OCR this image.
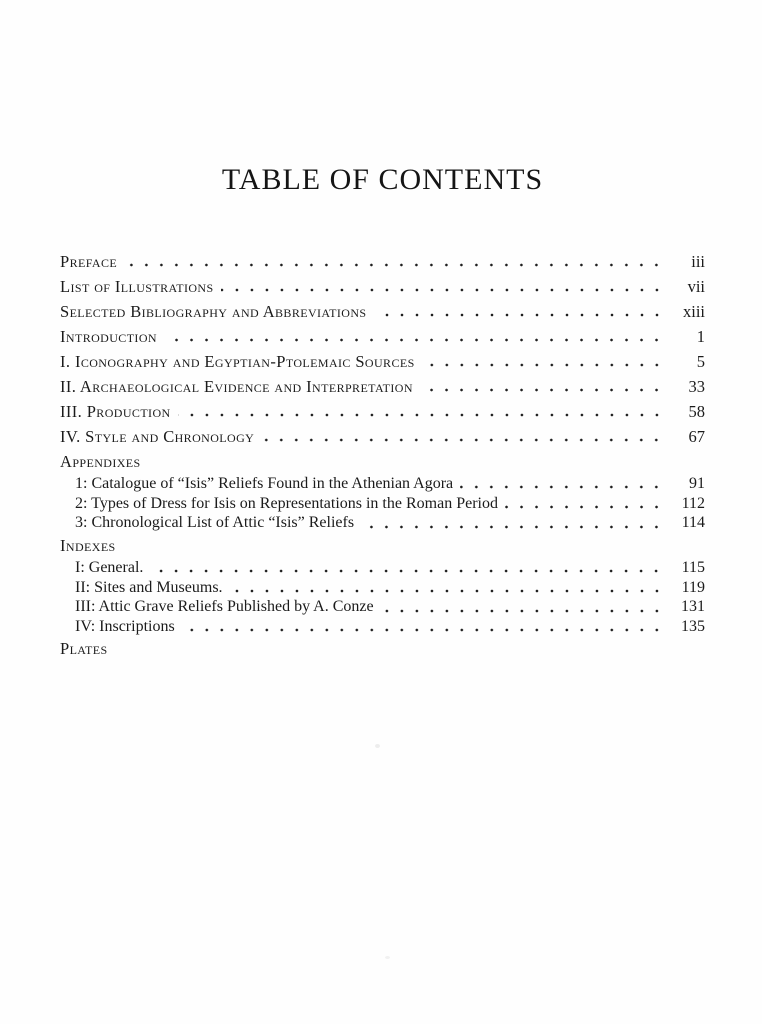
TABLE OF CONTENTS
Preface	iii
List of Illustrations	vii
Selected Bibliography and Abbreviations	xiii
Introduction	1
I. Iconography and Egyptian-Ptolemaic Sources	5
II. Archaeological Evidence and Interpretation	33
III. Production	58
IV. Style and Chronology	67
Appendixes
1: Catalogue of “Isis” Reliefs Found in the Athenian Agora	91
2: Types of Dress for Isis on Representations in the Roman Period	112
3: Chronological List of Attic “Isis” Reliefs	114
Indexes
I: General.	115
II: Sites and Museums.	119
III: Attic Grave Reliefs Published by A. Conze	131
IV: Inscriptions	135
Plates
